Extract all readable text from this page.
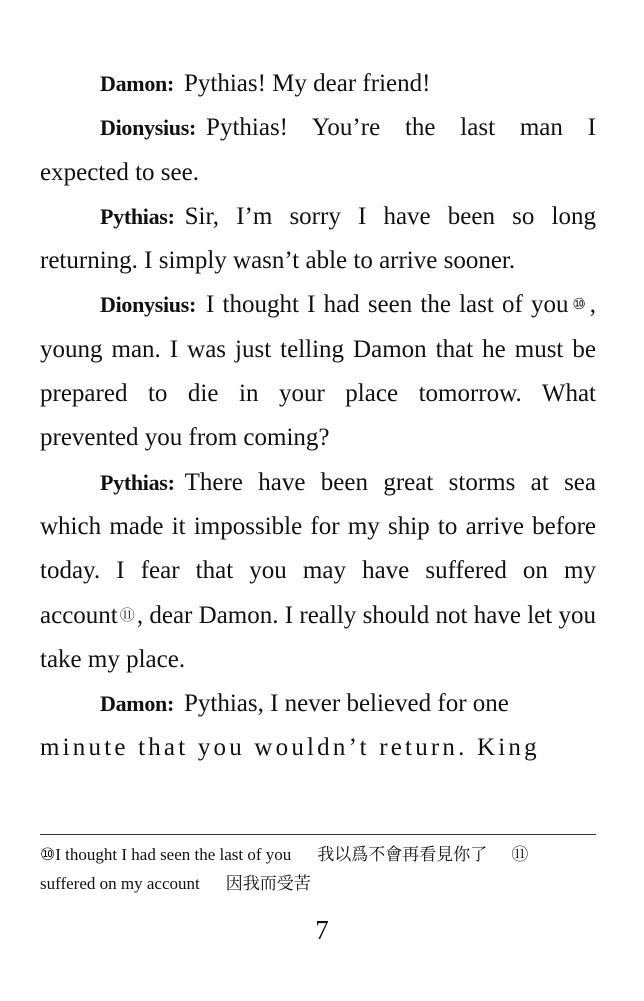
Damon: Pythias! My dear friend!

Dionysius: Pythias! You’re the last man I expected to see.

Pythias: Sir, I’m sorry I have been so long returning. I simply wasn’t able to arrive sooner.

Dionysius: I thought I had seen the last of you ⑩, young man. I was just telling Damon that he must be prepared to die in your place tomorrow. What prevented you from coming?

Pythias: There have been great storms at sea which made it impossible for my ship to arrive before today. I fear that you may have suffered on my account ⑪, dear Damon. I really should not have let you take my place.

Damon: Pythias, I never believed for one
minute that you wouldn’t return. King

⑩I thought I had seen the last of you 我以爲不會再看見你了 ⑪
suffered on my account 因我而受苦
7
